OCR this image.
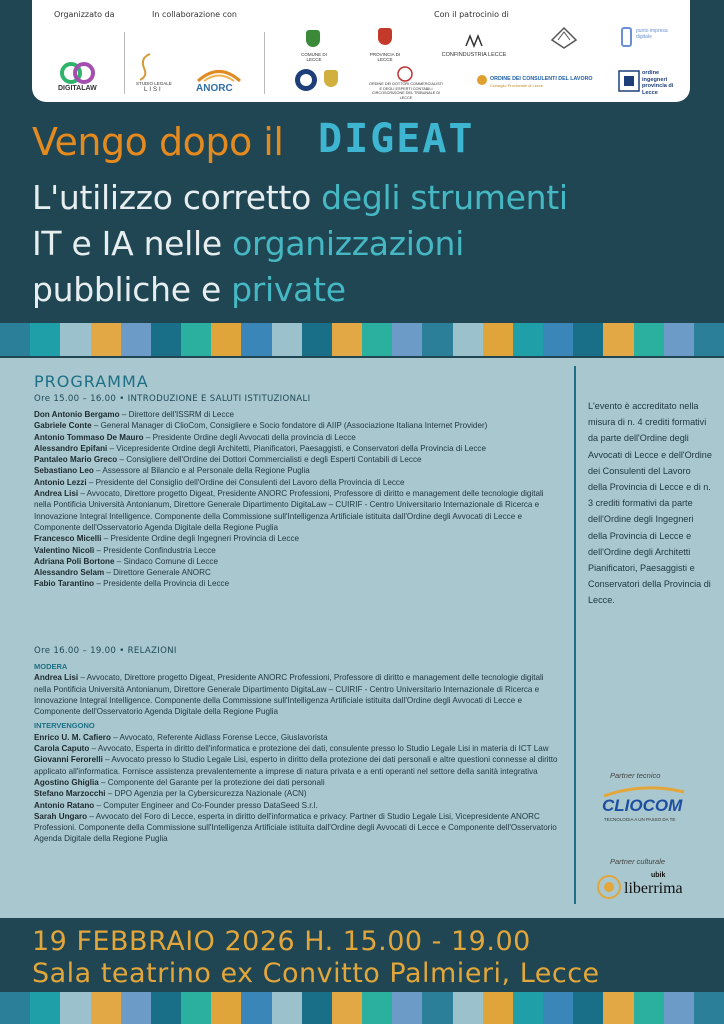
Organizzato da	In collaborazione con	Con il patrocinio di
DIGITALAW
STUDIO LEGALE
LISI	ANORC
COMUNE DI LECCE
PROVINCIA DI LECCE
CONFINDUSTRIA LECCE
punto impresa digitale
ORDINE DEI DOTTORI COMMERCIALISTI E DEGLI ESPERTI CONTABILI CIRCOSCRIZIONE DEL TRIBUNALE DI LECCE
ORDINE DEI CONSULENTI DEL LAVORO
Consiglio Provinciale di Lecce
ordine ingegneri provincia di Lecce
Vengo dopo il DIGEAT
L'utilizzo corretto degli strumenti
IT e IA nelle organizzazioni
pubbliche e private
PROGRAMMA
Ore 15.00 – 16.00 • INTRODUZIONE E SALUTI ISTITUZIONALI

Don Antonio Bergamo – Direttore dell'ISSRM di Lecce

Gabriele Conte – General Manager di ClioCom, Consigliere e Socio fondatore di AIIP (Associazione Italiana Internet Provider)

Antonio Tommaso De Mauro – Presidente Ordine degli Avvocati della provincia di Lecce

Alessandro Epifani – Vicepresidente Ordine degli Architetti, Pianificatori, Paesaggisti, e Conservatori della Provincia di Lecce

Pantaleo Mario Greco – Consigliere dell'Ordine dei Dottori Commercialisti e degli Esperti Contabili di Lecce

Sebastiano Leo – Assessore al Bilancio e al Personale della Regione Puglia

Antonio Lezzi – Presidente del Consiglio dell'Ordine dei Consulenti del Lavoro della Provincia di Lecce

Andrea Lisi – Avvocato, Direttore progetto Digeat, Presidente ANORC Professioni, Professore di diritto e management delle tecnologie digitali nella Pontificia Università Antonianum, Direttore Generale Dipartimento DigitaLaw – CUIRIF - Centro Universitario Internazionale di Ricerca e Innovazione Integral Intelligence. Componente della Commissione sull'Intelligenza Artificiale istituita dall'Ordine degli Avvocati di Lecce e Componente dell'Osservatorio Agenda Digitale della Regione Puglia

Francesco Micelli – Presidente Ordine degli Ingegneri Provincia di Lecce

Valentino Nicolì – Presidente Confindustria Lecce

Adriana Poli Bortone – Sindaco Comune di Lecce

Alessandro Selam – Direttore Generale ANORC

Fabio Tarantino – Presidente della Provincia di Lecce

Ore 16.00 – 19.00 • RELAZIONI

MODERA

Andrea Lisi – Avvocato, Direttore progetto Digeat, Presidente ANORC Professioni, Professore di diritto e management delle tecnologie digitali nella Pontificia Università Antonianum, Direttore Generale Dipartimento DigitaLaw – CUIRIF - Centro Universitario Internazionale di Ricerca e Innovazione Integral Intelligence. Componente della Commissione sull'Intelligenza Artificiale istituita dall'Ordine degli Avvocati di Lecce e Componente dell'Osservatorio Agenda Digitale della Regione Puglia

INTERVENGONO

Enrico U. M. Cafiero – Avvocato, Referente Aidlass Forense Lecce, Giuslavorista

Carola Caputo – Avvocato, Esperta in diritto dell'informatica e protezione dei dati, consulente presso lo Studio Legale Lisi in materia di ICT Law

Giovanni Ferorelli – Avvocato presso lo Studio Legale Lisi, esperto in diritto della protezione dei dati personali e altre questioni connesse al diritto applicato all'informatica. Fornisce assistenza prevalentemente a imprese di natura privata e a enti operanti nel settore della sanità integrativa

Agostino Ghiglia – Componente del Garante per la protezione dei dati personali

Stefano Marzocchi – DPO Agenzia per la Cybersicurezza Nazionale (ACN)

Antonio Ratano – Computer Engineer and Co-Founder presso DataSeed S.r.l.

Sarah Ungaro – Avvocato del Foro di Lecce, esperta in diritto dell'informatica e privacy. Partner di Studio Legale Lisi, Vicepresidente ANORC Professioni. Componente della Commissione sull'Intelligenza Artificiale istituita dall'Ordine degli Avvocati di Lecce e Componente dell'Osservatorio Agenda Digitale della Regione Puglia

L'evento è accreditato nella misura di n. 4 crediti formativi da parte dell'Ordine degli Avvocati di Lecce e dell'Ordine dei Consulenti del Lavoro della Provincia di Lecce e di n. 3 crediti formativi da parte dell'Ordine degli Ingegneri della Provincia di Lecce e dell'Ordine degli Architetti Pianificatori, Paesaggisti e Conservatori della Provincia di Lecce.
Partner tecnico
CLIOCOM
TECNOLOGIA A UN PASSO DA TE
Partner culturale
ubik
liberrima
19 FEBBRAIO 2026 H. 15.00 - 19.00
Sala teatrino ex Convitto Palmieri, Lecce
